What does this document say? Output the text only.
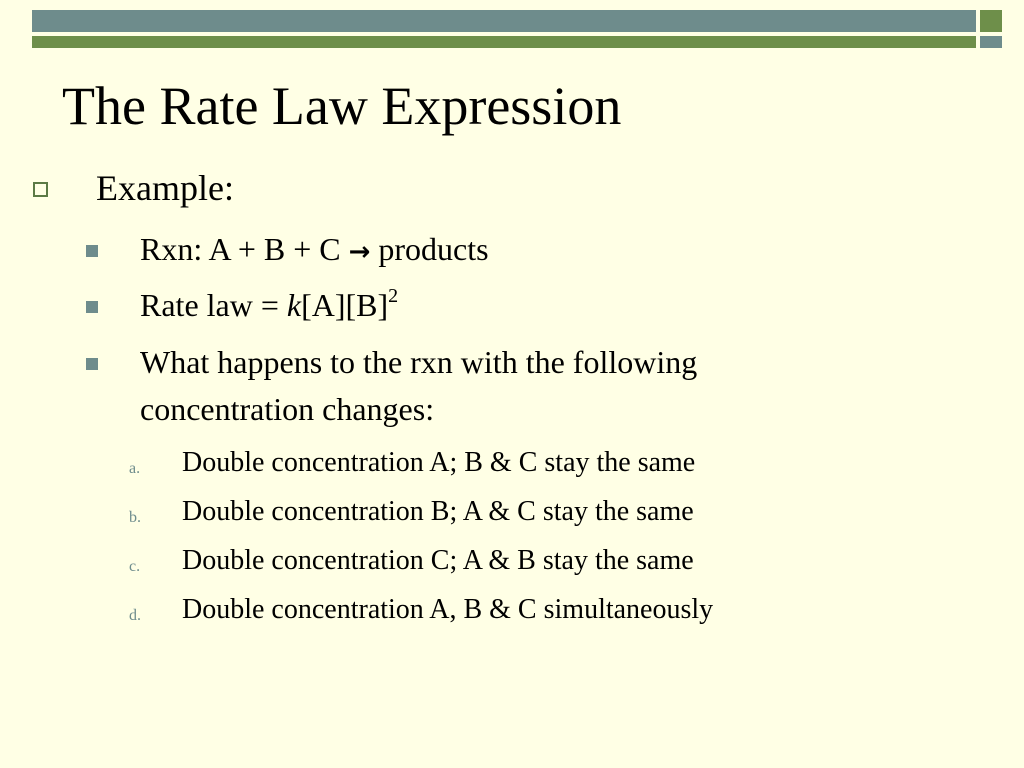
The Rate Law Expression
Example:
Rxn: A + B + C → products
Rate law = $k[A][B]^2$
What happens to the rxn with the following
concentration changes:
a. Double concentration A; B & C stay the same
b. Double concentration B; A & C stay the same
c. Double concentration C; A & B stay the same
d. Double concentration A, B & C simultaneously
